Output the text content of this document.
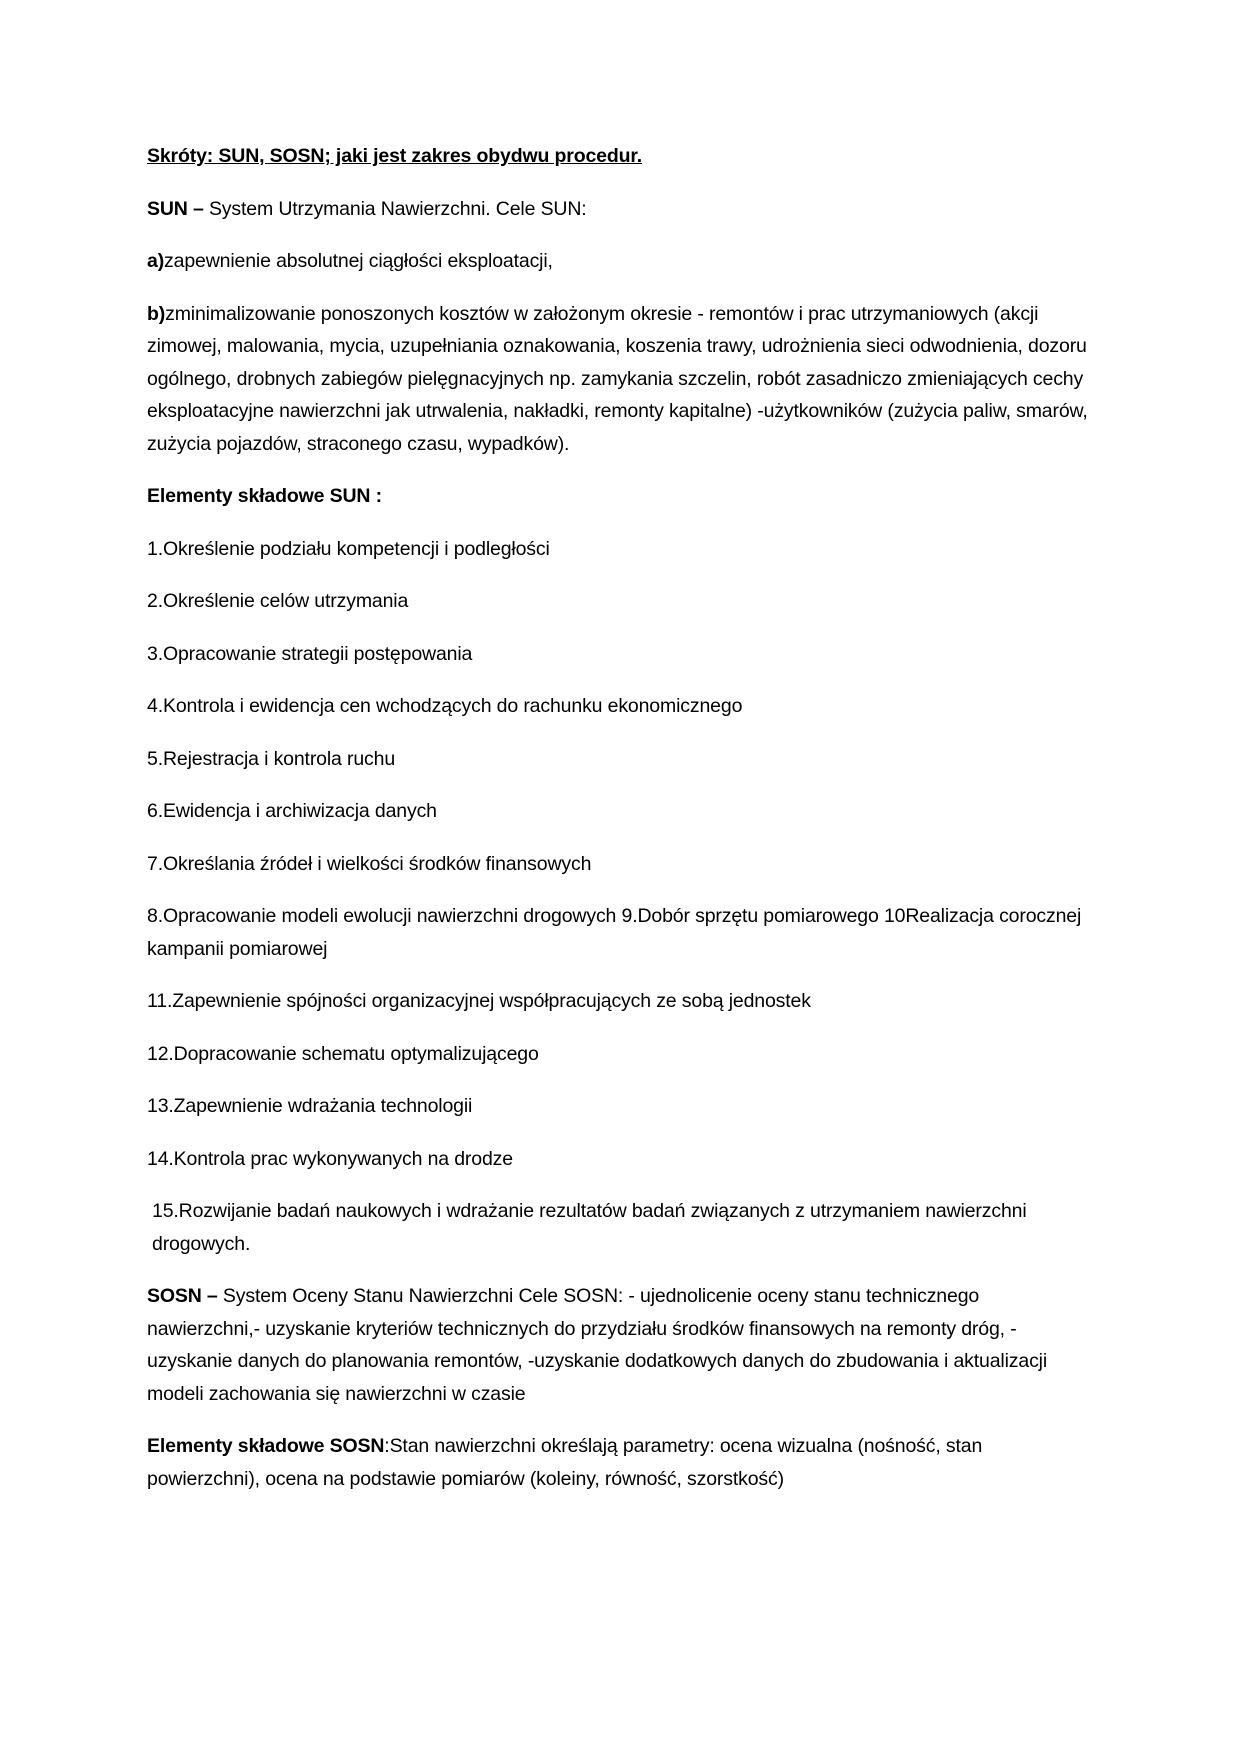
Skróty: SUN, SOSN; jaki jest zakres obydwu procedur.

SUN – System Utrzymania Nawierzchni. Cele SUN:

a)zapewnienie absolutnej ciągłości eksploatacji,

b)zminimalizowanie ponoszonych kosztów w założonym okresie - remontów i prac utrzymaniowych (akcji zimowej, malowania, mycia, uzupełniania oznakowania, koszenia trawy, udrożnienia sieci odwodnienia, dozoru ogólnego, drobnych zabiegów pielęgnacyjnych np. zamykania szczelin, robót zasadniczo zmieniających cechy eksploatacyjne nawierzchni jak utrwalenia, nakładki, remonty kapitalne) -użytkowników (zużycia paliw, smarów, zużycia pojazdów, straconego czasu, wypadków).

Elementy składowe SUN :

1.Określenie podziału kompetencji i podległości

2.Określenie celów utrzymania

3.Opracowanie strategii postępowania

4.Kontrola i ewidencja cen wchodzących do rachunku ekonomicznego

5.Rejestracja i kontrola ruchu

6.Ewidencja i archiwizacja danych

7.Określania źródeł i wielkości środków finansowych

8.Opracowanie modeli ewolucji nawierzchni drogowych 9.Dobór sprzętu pomiarowego 10Realizacja corocznej kampanii pomiarowej

11.Zapewnienie spójności organizacyjnej współpracujących ze sobą jednostek

12.Dopracowanie schematu optymalizującego

13.Zapewnienie wdrażania technologii

14.Kontrola prac wykonywanych na drodze

15.Rozwijanie badań naukowych i wdrażanie rezultatów badań związanych z utrzymaniem nawierzchni drogowych.

SOSN – System Oceny Stanu Nawierzchni Cele SOSN: - ujednolicenie oceny stanu technicznego nawierzchni,- uzyskanie kryteriów technicznych do przydziału środków finansowych na remonty dróg, -uzyskanie danych do planowania remontów, -uzyskanie dodatkowych danych do zbudowania i aktualizacji modeli zachowania się nawierzchni w czasie

Elementy składowe SOSN:Stan nawierzchni określają parametry: ocena wizualna (nośność, stan powierzchni), ocena na podstawie pomiarów (koleiny, równość, szorstkość)
